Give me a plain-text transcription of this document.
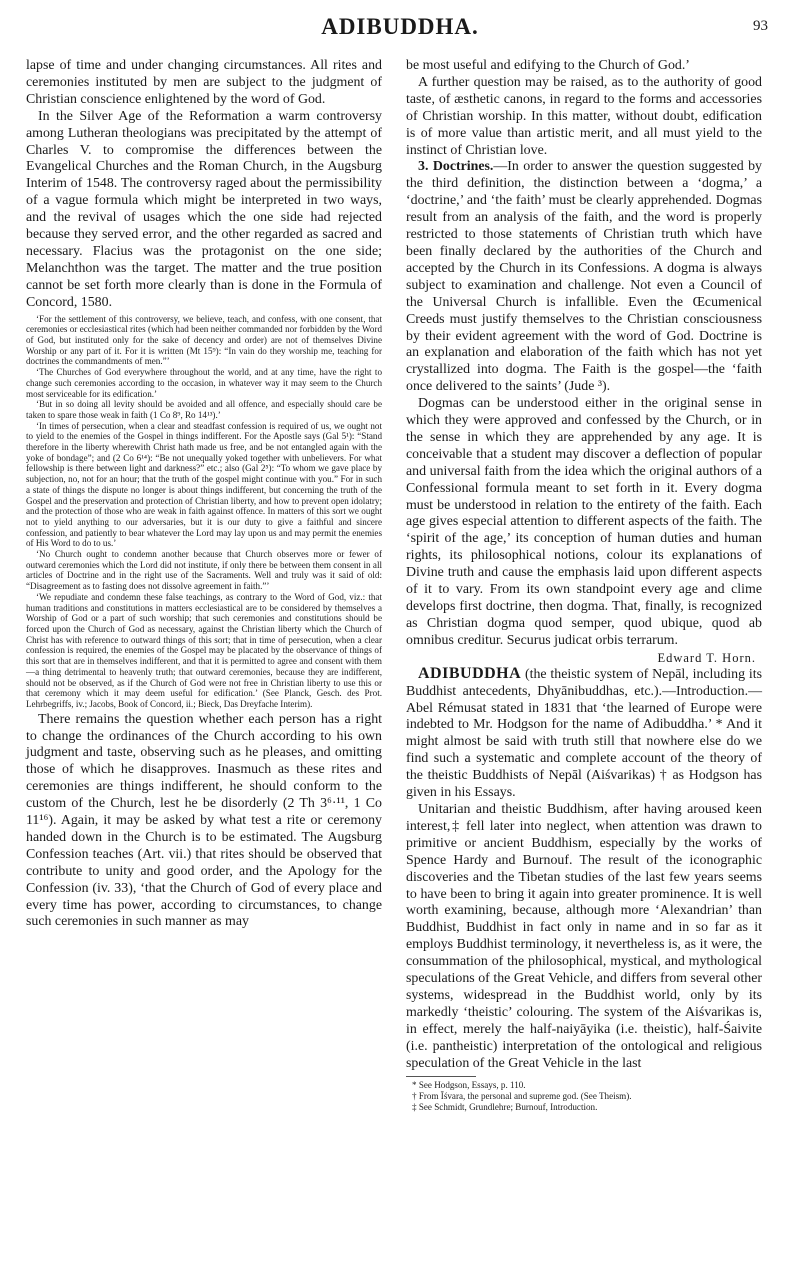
ADIBUDDHA.	93

lapse of time and under changing circumstances. All rites and ceremonies instituted by men are subject to the judgment of Christian conscience enlightened by the word of God.

In the Silver Age of the Reformation a warm controversy among Lutheran theologians was precipitated by the attempt of Charles V. to compromise the differences between the Evangelical Churches and the Roman Church, in the Augsburg Interim of 1548. The controversy raged about the permissibility of a vague formula which might be interpreted in two ways, and the revival of usages which the one side had rejected because they served error, and the other regarded as sacred and necessary. Flacius was the protagonist on the one side; Melanchthon was the target. The matter and the true position cannot be set forth more clearly than is done in the Formula of Concord, 1580.

‘For the settlement of this controversy, we believe, teach, and confess, with one consent, that ceremonies or ecclesiastical rites (which had been neither commanded nor forbidden by the Word of God, but instituted only for the sake of decency and order) are not of themselves Divine Worship or any part of it. For it is written (Mt 15⁹): “In vain do they worship me, teaching for doctrines the commandments of men.”’

‘The Churches of God everywhere throughout the world, and at any time, have the right to change such ceremonies according to the occasion, in whatever way it may seem to the Church most serviceable for its edification.’

‘But in so doing all levity should be avoided and all offence, and especially should care be taken to spare those weak in faith (1 Co 8⁹, Ro 14¹³).’

‘In times of persecution, when a clear and steadfast confession is required of us, we ought not to yield to the enemies of the Gospel in things indifferent. For the Apostle says (Gal 5¹): “Stand therefore in the liberty wherewith Christ hath made us free, and be not entangled again with the yoke of bondage”; and (2 Co 6¹⁴): “Be not unequally yoked together with unbelievers. For what fellowship is there between light and darkness?” etc.; also (Gal 2⁵): “To whom we gave place by subjection, no, not for an hour; that the truth of the gospel might continue with you.” For in such a state of things the dispute no longer is about things indifferent, but concerning the truth of the Gospel and the preservation and protection of Christian liberty, and how to prevent open idolatry; and the protection of those who are weak in faith against offence. In matters of this sort we ought not to yield anything to our adversaries, but it is our duty to give a faithful and sincere confession, and patiently to bear whatever the Lord may lay upon us and may permit the enemies of His Word to do to us.’

‘No Church ought to condemn another because that Church observes more or fewer of outward ceremonies which the Lord did not institute, if only there be between them consent in all articles of Doctrine and in the right use of the Sacraments. Well and truly was it said of old: “Disagreement as to fasting does not dissolve agreement in faith.”’

‘We repudiate and condemn these false teachings, as contrary to the Word of God, viz.: that human traditions and constitutions in matters ecclesiastical are to be considered by themselves a Worship of God or a part of such worship; that such ceremonies and constitutions should be forced upon the Church of God as necessary, against the Christian liberty which the Church of Christ has with reference to outward things of this sort; that in time of persecution, when a clear confession is required, the enemies of the Gospel may be placated by the observance of things of this sort that are in themselves indifferent, and that it is permitted to agree and consent with them—a thing detrimental to heavenly truth; that outward ceremonies, because they are indifferent, should not be observed, as if the Church of God were not free in Christian liberty to use this or that ceremony which it may deem useful for edification.’ (See Planck, Gesch. des Prot. Lehrbegriffs, iv.; Jacobs, Book of Concord, ii.; Bieck, Das Dreyfache Interim).

There remains the question whether each person has a right to change the ordinances of the Church according to his own judgment and taste, observing such as he pleases, and omitting those of which he disapproves. Inasmuch as these rites and ceremonies are things indifferent, he should conform to the custom of the Church, lest he be disorderly (2 Th 3⁶·¹¹, 1 Co 11¹⁶). Again, it may be asked by what test a rite or ceremony handed down in the Church is to be estimated. The Augsburg Confession teaches (Art. vii.) that rites should be observed that contribute to unity and good order, and the Apology for the Confession (iv. 33), ‘that the Church of God of every place and every time has power, according to circumstances, to change such ceremonies in such manner as may

be most useful and edifying to the Church of God.’

A further question may be raised, as to the authority of good taste, of æsthetic canons, in regard to the forms and accessories of Christian worship. In this matter, without doubt, edification is of more value than artistic merit, and all must yield to the instinct of Christian love.

3. Doctrines.—In order to answer the question suggested by the third definition, the distinction between a ‘dogma,’ a ‘doctrine,’ and ‘the faith’ must be clearly apprehended. Dogmas result from an analysis of the faith, and the word is properly restricted to those statements of Christian truth which have been finally declared by the authorities of the Church and accepted by the Church in its Confessions. A dogma is always subject to examination and challenge. Not even a Council of the Universal Church is infallible. Even the Œcumenical Creeds must justify themselves to the Christian consciousness by their evident agreement with the word of God. Doctrine is an explanation and elaboration of the faith which has not yet crystallized into dogma. The Faith is the gospel—the ‘faith once delivered to the saints’ (Jude ³).

Dogmas can be understood either in the original sense in which they were approved and confessed by the Church, or in the sense in which they are apprehended by any age. It is conceivable that a student may discover a deflection of popular and universal faith from the idea which the original authors of a Confessional formula meant to set forth in it. Every dogma must be understood in relation to the entirety of the faith. Each age gives especial attention to different aspects of the faith. The ‘spirit of the age,’ its conception of human duties and human rights, its philosophical notions, colour its explanations of Divine truth and cause the emphasis laid upon different aspects of it to vary. From its own standpoint every age and clime develops first doctrine, then dogma. That, finally, is recognized as Christian dogma quod semper, quod ubique, quod ab omnibus creditur. Securus judicat orbis terrarum.

Edward T. Horn.

ADIBUDDHA (the theistic system of Nepāl, including its Buddhist antecedents, Dhyānibuddhas, etc.).—Introduction.—Abel Rémusat stated in 1831 that ‘the learned of Europe were indebted to Mr. Hodgson for the name of Adibuddha.’ * And it might almost be said with truth still that nowhere else do we find such a systematic and complete account of the theory of the theistic Buddhists of Nepāl (Aiśvarikas) † as Hodgson has given in his Essays.

Unitarian and theistic Buddhism, after having aroused keen interest,‡ fell later into neglect, when attention was drawn to primitive or ancient Buddhism, especially by the works of Spence Hardy and Burnouf. The result of the iconographic discoveries and the Tibetan studies of the last few years seems to have been to bring it again into greater prominence. It is well worth examining, because, although more ‘Alexandrian’ than Buddhist, Buddhist in fact only in name and in so far as it employs Buddhist terminology, it nevertheless is, as it were, the consummation of the philosophical, mystical, and mythological speculations of the Great Vehicle, and differs from several other systems, widespread in the Buddhist world, only by its markedly ‘theistic’ colouring. The system of the Aiśvarikas is, in effect, merely the half-naiyāyika (i.e. theistic), half-Śaivite (i.e. pantheistic) interpretation of the ontological and religious speculation of the Great Vehicle in the last

* See Hodgson, Essays, p. 110.

† From Īśvara, the personal and supreme god. (See Theism).

‡ See Schmidt, Grundlehre; Burnouf, Introduction.
